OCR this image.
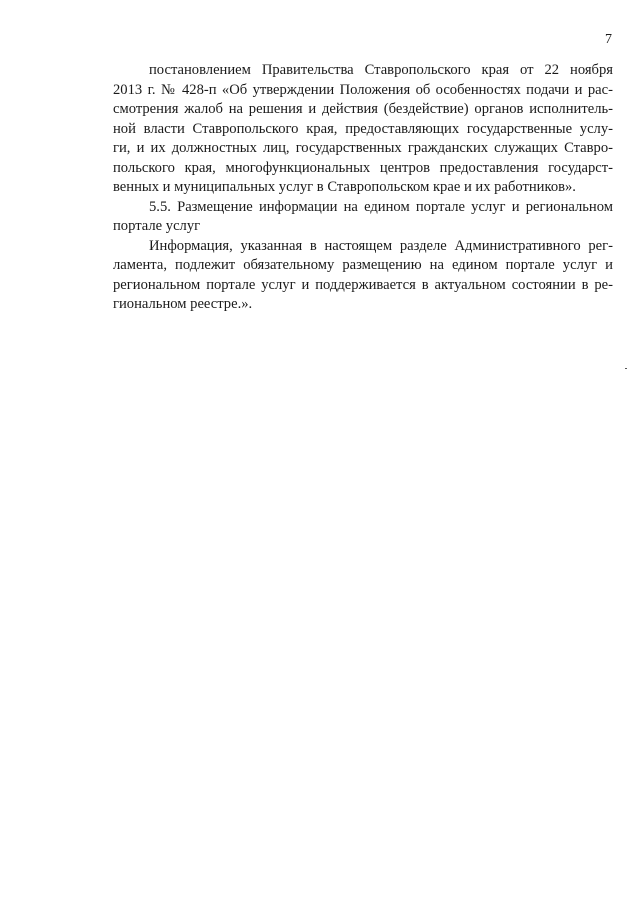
7
постановлением Правительства Ставропольского края от 22 ноября
2013 г. № 428-п «Об утверждении Положения об особенностях подачи и рас-
смотрения жалоб на решения и действия (бездействие) органов исполнитель-
ной власти Ставропольского края, предоставляющих государственные услу-
ги, и их должностных лиц, государственных гражданских служащих Ставро-
польского края, многофункциональных центров предоставления государст-
венных и муниципальных услуг в Ставропольском крае и их работников».
5.5. Размещение информации на едином портале услуг и региональном
портале услуг
Информация, указанная в настоящем разделе Административного рег-
ламента, подлежит обязательному размещению на едином портале услуг и
региональном портале услуг и поддерживается в актуальном состоянии в ре-
гиональном реестре.».
